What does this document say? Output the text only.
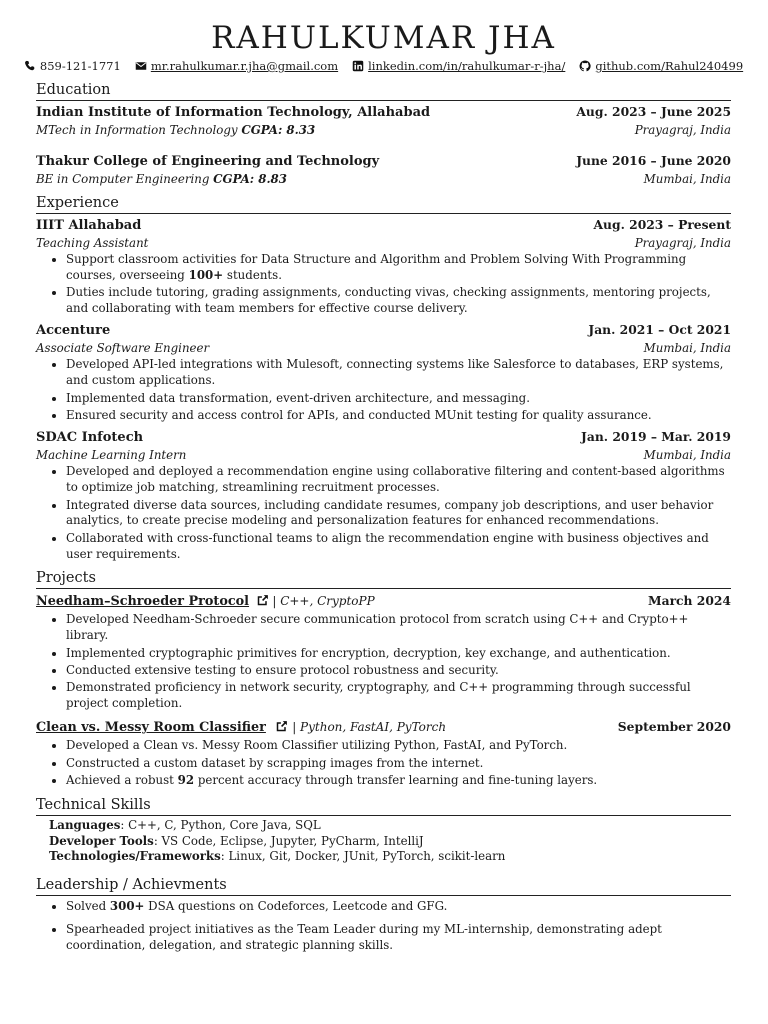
RAHULKUMAR JHA
859-121-1771	mr.rahulkumar.r.jha@gmail.com	linkedin.com/in/rahulkumar-r-jha/	github.com/Rahul240499
Education
Indian Institute of Information Technology, Allahabad	Aug. 2023 – June 2025
MTech in Information Technology CGPA: 8.33	Prayagraj, India
Thakur College of Engineering and Technology	June 2016 – June 2020
BE in Computer Engineering CGPA: 8.83	Mumbai, India
Experience
IIIT Allahabad	Aug. 2023 – Present
Teaching Assistant	Prayagraj, India
• Support classroom activities for Data Structure and Algorithm and Problem Solving With Programming courses, overseeing 100+ students.
• Duties include tutoring, grading assignments, conducting vivas, checking assignments, mentoring projects, and collaborating with team members for effective course delivery.
Accenture	Jan. 2021 – Oct 2021
Associate Software Engineer	Mumbai, India
• Developed API-led integrations with Mulesoft, connecting systems like Salesforce to databases, ERP systems, and custom applications.
• Implemented data transformation, event-driven architecture, and messaging.
• Ensured security and access control for APIs, and conducted MUnit testing for quality assurance.
SDAC Infotech	Jan. 2019 – Mar. 2019
Machine Learning Intern	Mumbai, India
• Developed and deployed a recommendation engine using collaborative filtering and content-based algorithms to optimize job matching, streamlining recruitment processes.
• Integrated diverse data sources, including candidate resumes, company job descriptions, and user behavior analytics, to create precise modeling and personalization features for enhanced recommendations.
• Collaborated with cross-functional teams to align the recommendation engine with business objectives and user requirements.
Projects
Needham–Schroeder Protocol  | C++, CryptoPP	March 2024
• Developed Needham-Schroeder secure communication protocol from scratch using C++ and Crypto++ library.
• Implemented cryptographic primitives for encryption, decryption, key exchange, and authentication.
• Conducted extensive testing to ensure protocol robustness and security.
• Demonstrated proficiency in network security, cryptography, and C++ programming through successful project completion.
Clean vs. Messy Room Classifier  | Python, FastAI, PyTorch	September 2020
• Developed a Clean vs. Messy Room Classifier utilizing Python, FastAI, and PyTorch.
• Constructed a custom dataset by scrapping images from the internet.
• Achieved a robust 92 percent accuracy through transfer learning and fine-tuning layers.
Technical Skills
Languages: C++, C, Python, Core Java, SQL
Developer Tools: VS Code, Eclipse, Jupyter, PyCharm, IntelliJ
Technologies/Frameworks: Linux, Git, Docker, JUnit, PyTorch, scikit-learn
Leadership / Achievments
• Solved 300+ DSA questions on Codeforces, Leetcode and GFG.
• Spearheaded project initiatives as the Team Leader during my ML-internship, demonstrating adept coordination, delegation, and strategic planning skills.
